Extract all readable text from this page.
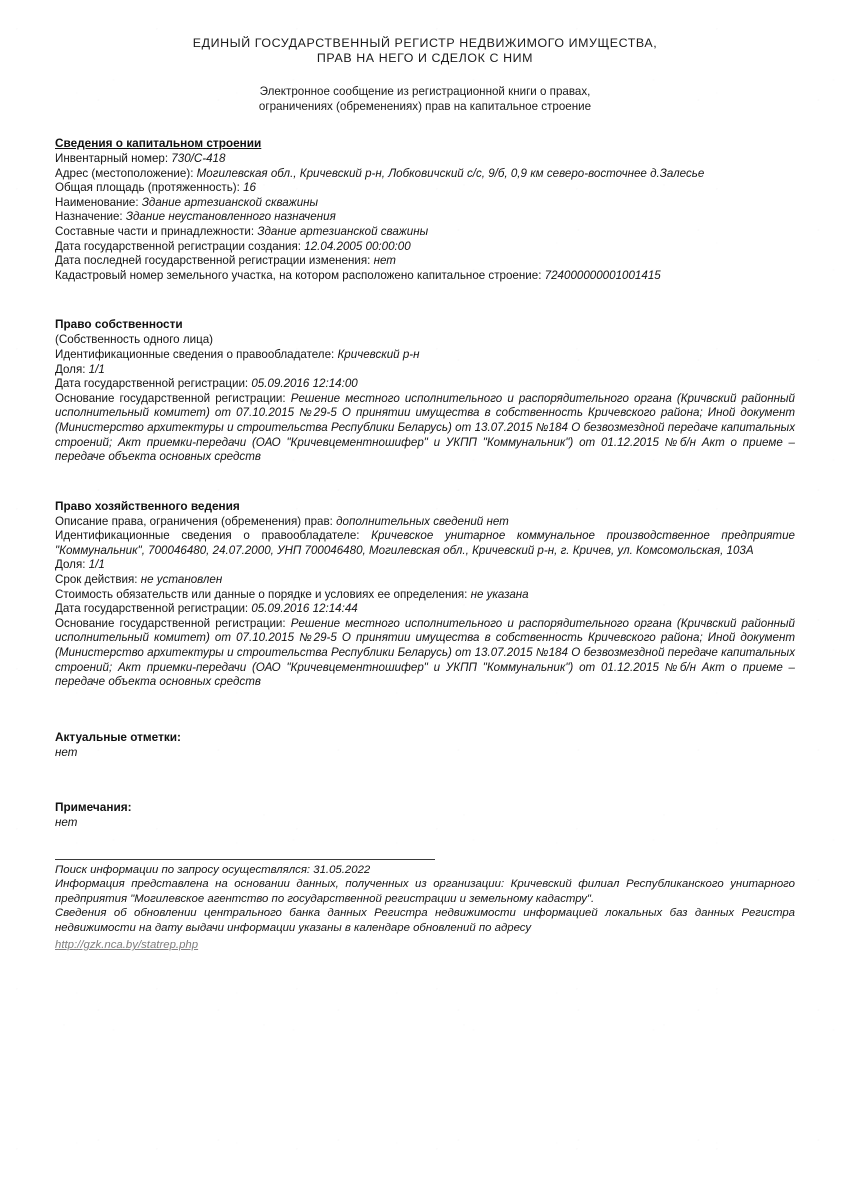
ЕДИНЫЙ ГОСУДАРСТВЕННЫЙ РЕГИСТР НЕДВИЖИМОГО ИМУЩЕСТВА,
ПРАВ НА НЕГО И СДЕЛОК С НИМ
Электронное сообщение из регистрационной книги о правах,
ограничениях (обременениях) прав на капитальное строение
Сведения о капитальном строении

Инвентарный номер: 730/С-418

Адрес (местоположение): Могилевская обл., Кричевский р-н, Лобковичский с/с, 9/б, 0,9 км северо-восточнее д.Залесье

Общая площадь (протяженность): 16

Наименование: Здание артезианской скважины

Назначение: Здание неустановленного назначения

Составные части и принадлежности: Здание артезианской сважины

Дата государственной регистрации создания: 12.04.2005 00:00:00

Дата последней государственной регистрации изменения: нет

Кадастровый номер земельного участка, на котором расположено капитальное строение: 724000000001001415

Право собственности

(Собственность одного лица)

Идентификационные сведения о правообладателе: Кричевский р-н

Доля: 1/1

Дата государственной регистрации: 05.09.2016 12:14:00

Основание государственной регистрации: Решение местного исполнительного и распорядительного органа (Кричвский районный исполнительный комитет) от 07.10.2015 №29-5 О принятии имущества в собственность Кричевского района; Иной документ (Министерство архитектуры и строительства Республики Беларусь) от 13.07.2015 №184 О безвозмездной передаче капитальных строений; Акт приемки-передачи (ОАО "Кричевцементношифер" и УКПП "Коммунальник") от 01.12.2015 №б/н Акт о приеме – передаче объекта основных средств

Право хозяйственного ведения

Описание права, ограничения (обременения) прав: дополнительных сведений нет

Идентификационные сведения о правообладателе: Кричевское унитарное коммунальное производственное предприятие "Коммунальник", 700046480, 24.07.2000, УНП 700046480, Могилевская обл., Кричевский р-н, г. Кричев, ул. Комсомольская, 103А

Доля: 1/1

Срок действия: не установлен

Стоимость обязательств или данные о порядке и условиях ее определения: не указана

Дата государственной регистрации: 05.09.2016 12:14:44

Основание государственной регистрации: Решение местного исполнительного и распорядительного органа (Кричвский районный исполнительный комитет) от 07.10.2015 №29-5 О принятии имущества в собственность Кричевского района; Иной документ (Министерство архитектуры и строительства Республики Беларусь) от 13.07.2015 №184 О безвозмездной передаче капитальных строений; Акт приемки-передачи (ОАО "Кричевцементношифер" и УКПП "Коммунальник") от 01.12.2015 №б/н Акт о приеме – передаче объекта основных средств

Актуальные отметки:
нет
Примечания:
нет
Поиск информации по запросу осуществлялся: 31.05.2022
Информация представлена на основании данных, полученных из организации: Кричевский филиал Республиканского унитарного предприятия "Могилевское агентство по государственной регистрации и земельному кадастру".
Сведения об обновлении центрального банка данных Регистра недвижимости информацией локальных баз данных Регистра недвижимости на дату выдачи информации указаны в календаре обновлений по адресу
http://gzk.nca.by/statrep.php
